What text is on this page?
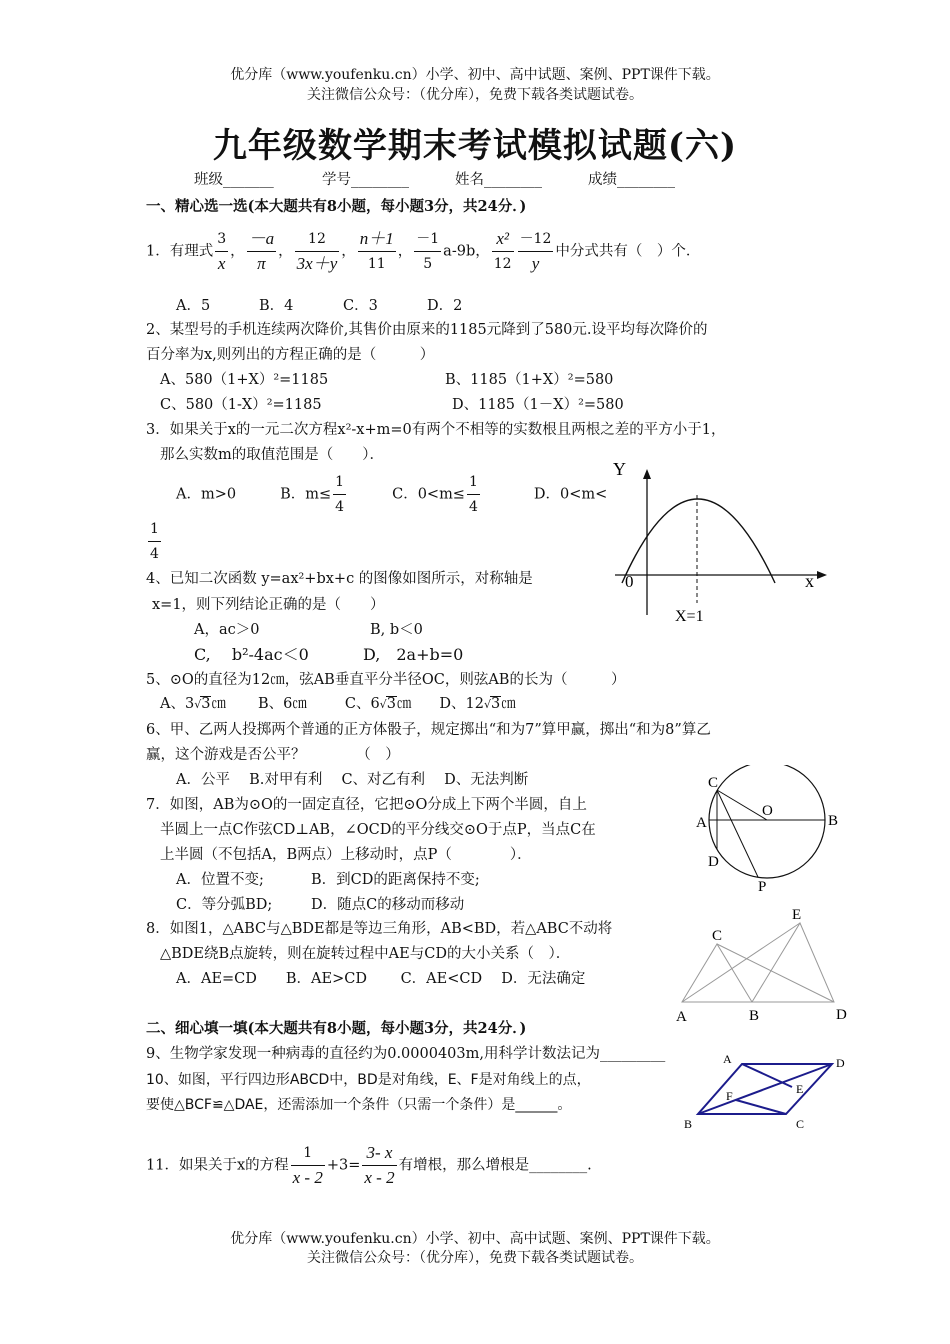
优分库（www.youfenku.cn）小学、初中、高中试题、案例、PPT课件下载。
关注微信公众号：（优分库），免费下载各类试题试卷。
九年级数学期末考试模拟试题(六)
班级_______	学号________	姓名________	成绩________
一、精心选一选(本大题共有8小题，每小题3分，共24分．)
1．有理式 $\frac{3}{x}$ ， $\frac{-a}{\pi}$ ， $\frac{12}{3x+y}$ ， $\frac{n+1}{11}$ ， $\frac{-1}{5} a-9b$， $\frac{\text{x²}}{12} \frac{-12}{y}$ 中分式共有（　）个．
A．5	B．4	C．3	D．2
2、某型号的手机连续两次降价,其售价由原来的1185元降到了580元.设平均每次降价的
百分率为x,则列出的方程正确的是（　　　）
A、580（1+X）²=1185	B、1185（1+X）²=580
C、580（1-X）²=1185	D、1185（1－X）²=580
3．如果关于x的一元二次方程x²-x+m=0有两个不相等的实数根且两根之差的平方小于1，
那么实数m的取值范围是（　　）．
A．m>0	B．$m\le \frac{1}{4}$	C．$0<m\le \frac{1}{4}$	D．0<m<
$\frac{1}{4}$
Y
x
0
X=1
4、已知二次函数 y=ax²+bx+c 的图像如图所示，对称轴是
x=1，则下列结论正确的是（　　）
A，ac＞0	B, b＜0
C,　 b²-4ac＜0	D,　2a+b=0
5、⊙O的直径为12㎝，弦AB垂直平分半径OC，则弦AB的长为（　　　）
A、3√3㎝ B、6㎝	C、6√3㎝ D、12√3㎝
6、甲、乙两人投掷两个普通的正方体骰子，规定掷出“和为7”算甲赢，掷出“和为8”算乙
赢，这个游戏是否公平？　　　　（　）
A．公平　 B.对甲有利　 C、对乙有利　 D、无法判断
7．如图，AB为⊙O的一固定直径，它把⊙O分成上下两个半圆，自上
半圆上一点C作弦CD⊥AB，∠OCD的平分线交⊙O于点P，当点C在
上半圆（不包括A，B两点）上移动时，点P（　　　　）．
A．位置不变;	B．到CD的距离保持不变;
C．等分弧BD;	D．随点C的移动而移动
C
O
A	B
D
P
8．如图1，△ABC与△BDE都是等边三角形，AB<BD，若△ABC不动将
△BDE绕B点旋转，则在旋转过程中AE与CD的大小关系（　）．
A．AE=CD　　B．AE>CD　　 C．AE<CD　 D．无法确定
E
C
A	B	D
二、细心填一填(本大题共有8小题，每小题3分，共24分．)
9、生物学家发现一种病毒的直径约为0.0000403m,用科学计数法记为_________
10、如图，平行四边形ABCD中，BD是对角线，E、F是对角线上的点，
要使△BCF≌△DAE，还需添加一个条件（只需一个条件）是______。
A	D
F	E
B	C
11．如果关于x的方程 $\frac{1}{x - 2} +3= \frac{3- x}{x - 2}$ 有增根，那么增根是________.
优分库（www.youfenku.cn）小学、初中、高中试题、案例、PPT课件下载。
关注微信公众号：（优分库），免费下载各类试题试卷。
